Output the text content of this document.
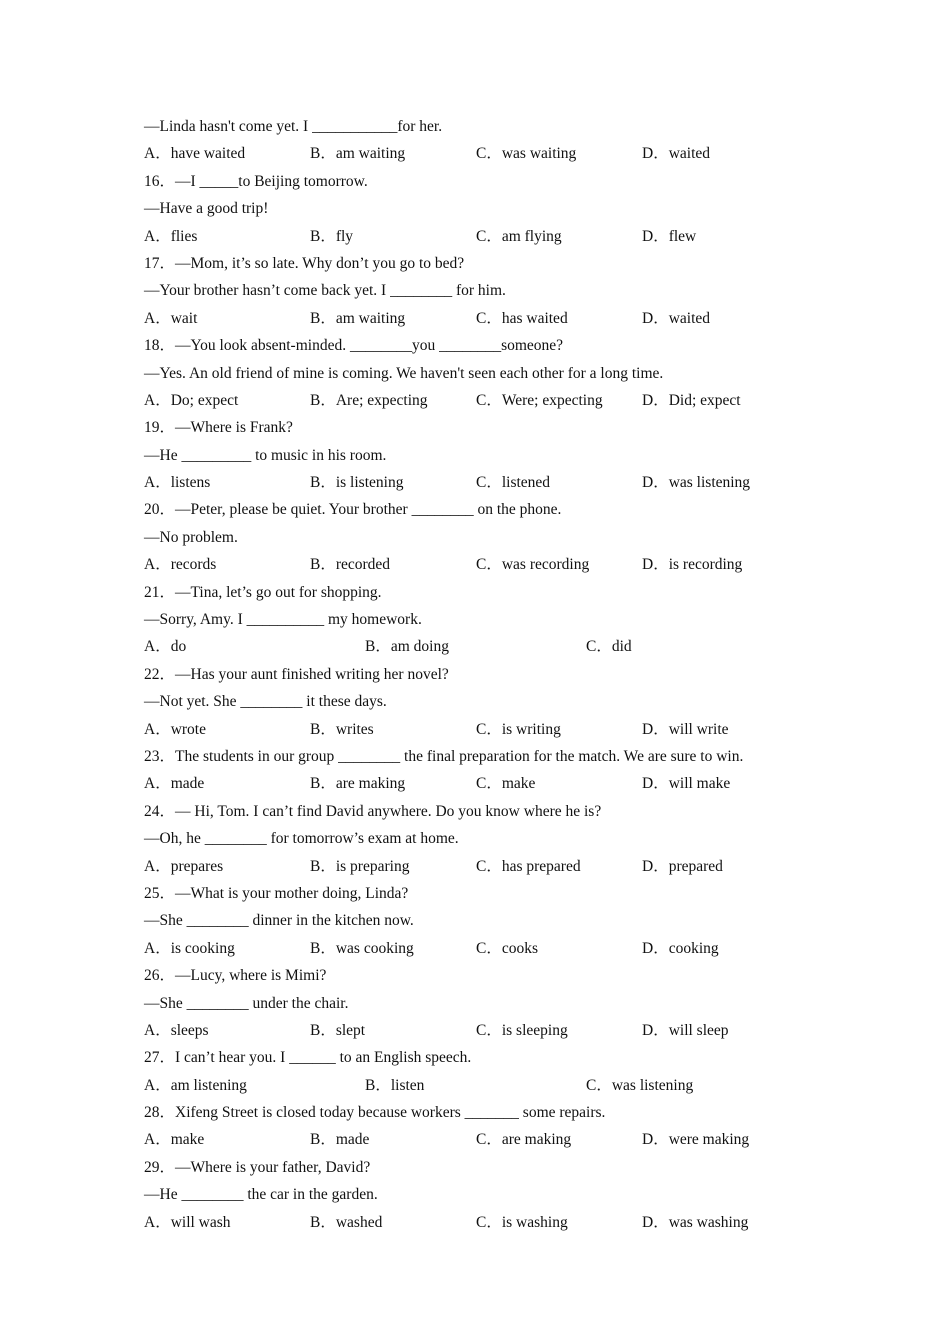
—Linda hasn't come yet. I ___________for her.
A．have waited	B．am waiting	C．was waiting	D．waited
16．—I _____to Beijing tomorrow.
—Have a good trip!
A．flies	B．fly	C．am flying	D．flew
17．—Mom, it’s so late. Why don’t you go to bed?
—Your brother hasn’t come back yet. I ________ for him.
A．wait	B．am waiting	C．has waited	D．waited
18．—You look absent-minded. ________you ________someone?
—Yes. An old friend of mine is coming. We haven't seen each other for a long time.
A．Do; expect	B．Are; expecting	C．Were; expecting	D．Did; expect
19．—Where is Frank?
—He _________ to music in his room.
A．listens	B．is listening	C．listened	D．was listening
20．—Peter, please be quiet. Your brother ________ on the phone.
—No problem.
A．records	B．recorded	C．was recording	D．is recording
21．—Tina, let’s go out for shopping.
—Sorry, Amy. I __________ my homework.
A．do	B．am doing	C．did
22．—Has your aunt finished writing her novel?
—Not yet. She ________ it these days.
A．wrote	B．writes	C．is writing	D．will write
23．The students in our group ________ the final preparation for the match. We are sure to win.
A．made	B．are making	C．make	D．will make
24．— Hi, Tom. I can’t find David anywhere. Do you know where he is?
—Oh, he ________ for tomorrow’s exam at home.
A．prepares	B．is preparing	C．has prepared	D．prepared
25．—What is your mother doing, Linda?
—She ________ dinner in the kitchen now.
A．is cooking	B．was cooking	C．cooks	D．cooking
26．—Lucy, where is Mimi?
—She ________ under the chair.
A．sleeps	B．slept	C．is sleeping	D．will sleep
27．I can’t hear you. I ______ to an English speech.
A．am listening	B．listen	C．was listening
28．Xifeng Street is closed today because workers _______ some repairs.
A．make	B．made	C．are making	D．were making
29．—Where is your father, David?
—He ________ the car in the garden.
A．will wash	B．washed	C．is washing	D．was washing
